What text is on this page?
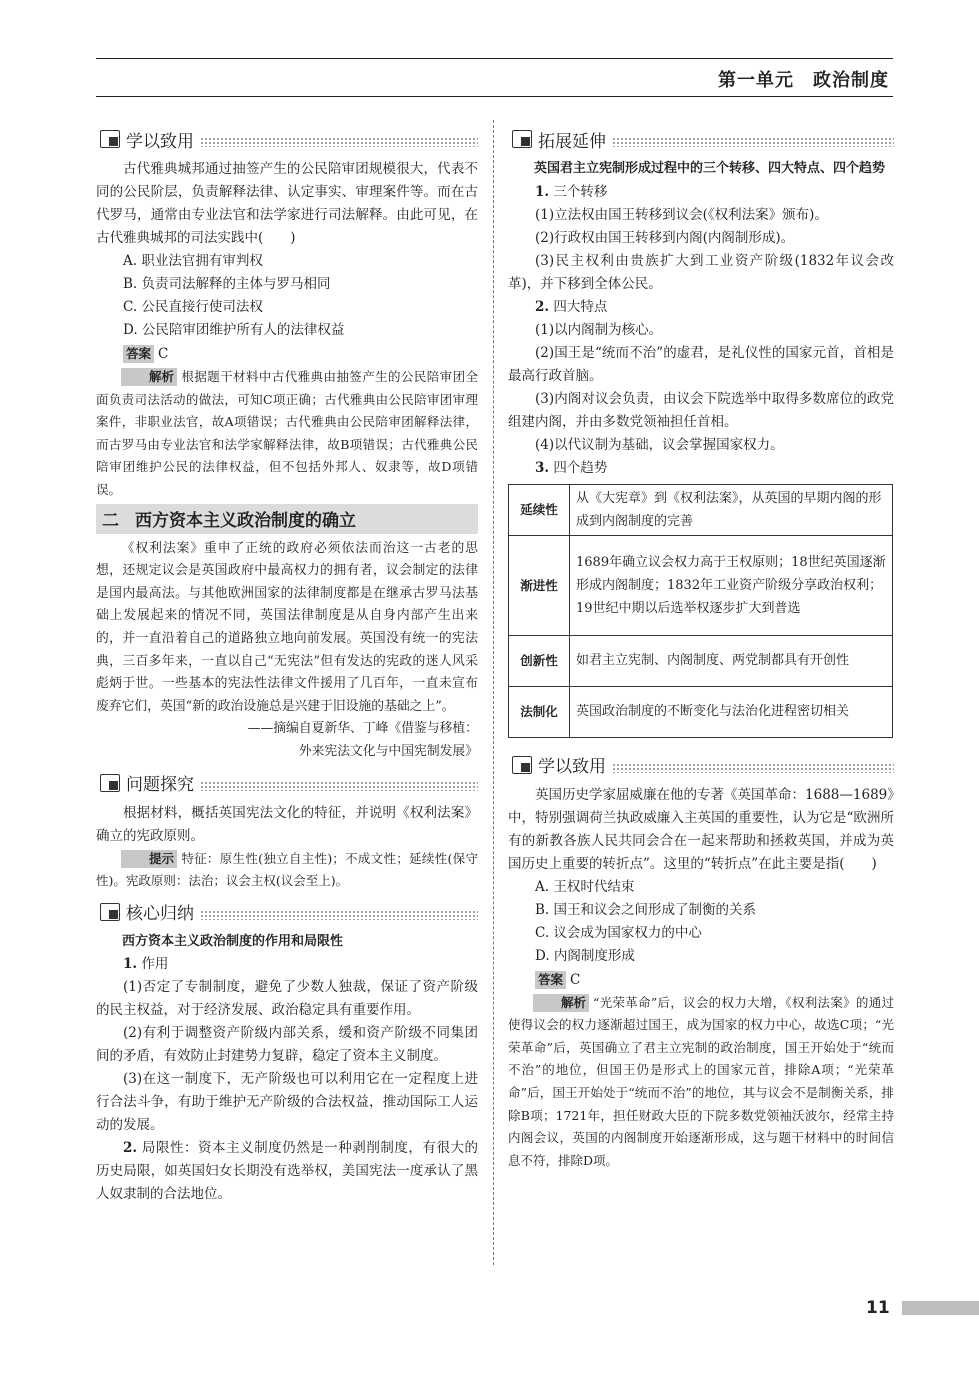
第一单元　政治制度
学以致用

古代雅典城邦通过抽签产生的公民陪审团规模很大，代表不同的公民阶层，负责解释法律、认定事实、审理案件等。而在古代罗马，通常由专业法官和法学家进行司法解释。由此可见，在古代雅典城邦的司法实践中(　　)

A. 职业法官拥有审判权
B. 负责司法解释的主体与罗马相同
C. 公民直接行使司法权
D. 公民陪审团维护所有人的法律权益
答案 C

解析 根据题干材料中古代雅典由抽签产生的公民陪审团全面负责司法活动的做法，可知C项正确；古代雅典由公民陪审团审理案件，非职业法官，故A项错误；古代雅典由公民陪审团解释法律，而古罗马由专业法官和法学家解释法律，故B项错误；古代雅典公民陪审团维护公民的法律权益，但不包括外邦人、奴隶等，故D项错误。

二 西方资本主义政治制度的确立

《权利法案》重申了正统的政府必须依法而治这一古老的思想，还规定议会是英国政府中最高权力的拥有者，议会制定的法律是国内最高法。与其他欧洲国家的法律制度都是在继承古罗马法基础上发展起来的情况不同，英国法律制度是从自身内部产生出来的，并一直沿着自己的道路独立地向前发展。英国没有统一的宪法典，三百多年来，一直以自己“无宪法”但有发达的宪政的迷人风采彪炳于世。一些基本的宪法性法律文件援用了几百年，一直未宣布废弃它们，英国“新的政治设施总是兴建于旧设施的基础之上”。

——摘编自夏新华、丁峰《借鉴与移植：
外来宪法文化与中国宪制发展》
问题探究

根据材料，概括英国宪法文化的特征，并说明《权利法案》确立的宪政原则。

提示 特征：原生性(独立自主性)；不成文性；延续性(保守性)。宪政原则：法治；议会主权(议会至上)。

核心归纳
西方资本主义政治制度的作用和局限性

1. 作用

(1)否定了专制制度，避免了少数人独裁，保证了资产阶级的民主权益，对于经济发展、政治稳定具有重要作用。

(2)有利于调整资产阶级内部关系，缓和资产阶级不同集团间的矛盾，有效防止封建势力复辟，稳定了资本主义制度。

(3)在这一制度下，无产阶级也可以利用它在一定程度上进行合法斗争，有助于维护无产阶级的合法权益，推动国际工人运动的发展。

2. 局限性：资本主义制度仍然是一种剥削制度，有很大的历史局限，如英国妇女长期没有选举权，美国宪法一度承认了黑人奴隶制的合法地位。

拓展延伸
英国君主立宪制形成过程中的三个转移、四大特点、四个趋势

1. 三个转移

(1)立法权由国王转移到议会(《权利法案》颁布)。

(2)行政权由国王转移到内阁(内阁制形成)。

(3)民主权利由贵族扩大到工业资产阶级(1832年议会改革)，并下移到全体公民。

2. 四大特点

(1)以内阁制为核心。

(2)国王是“统而不治”的虚君，是礼仪性的国家元首，首相是最高行政首脑。

(3)内阁对议会负责，由议会下院选举中取得多数席位的政党组建内阁，并由多数党领袖担任首相。

(4)以代议制为基础，议会掌握国家权力。

3. 四个趋势

延续性	从《大宪章》到《权利法案》，从英国的早期内阁的形成到内阁制度的完善
渐进性	1689年确立议会权力高于王权原则；18世纪英国逐渐形成内阁制度；1832年工业资产阶级分享政治权利；19世纪中期以后选举权逐步扩大到普选
创新性	如君主立宪制、内阁制度、两党制都具有开创性
法制化	英国政治制度的不断变化与法治化进程密切相关
学以致用

英国历史学家屈威廉在他的专著《英国革命：1688—1689》中，特别强调荷兰执政威廉入主英国的重要性，认为它是“欧洲所有的新教各族人民共同会合在一起来帮助和拯救英国，并成为英国历史上重要的转折点”。这里的“转折点”在此主要是指(　　)

A. 王权时代结束
B. 国王和议会之间形成了制衡的关系
C. 议会成为国家权力的中心
D. 内阁制度形成
答案 C

解析 “光荣革命”后，议会的权力大增，《权利法案》的通过使得议会的权力逐渐超过国王，成为国家的权力中心，故选C项；“光荣革命”后，英国确立了君主立宪制的政治制度，国王开始处于“统而不治”的地位，但国王仍是形式上的国家元首，排除A项；“光荣革命”后，国王开始处于“统而不治”的地位，其与议会不是制衡关系，排除B项；1721年，担任财政大臣的下院多数党领袖沃波尔，经常主持内阁会议，英国的内阁制度开始逐渐形成，这与题干材料中的时间信息不符，排除D项。

11
